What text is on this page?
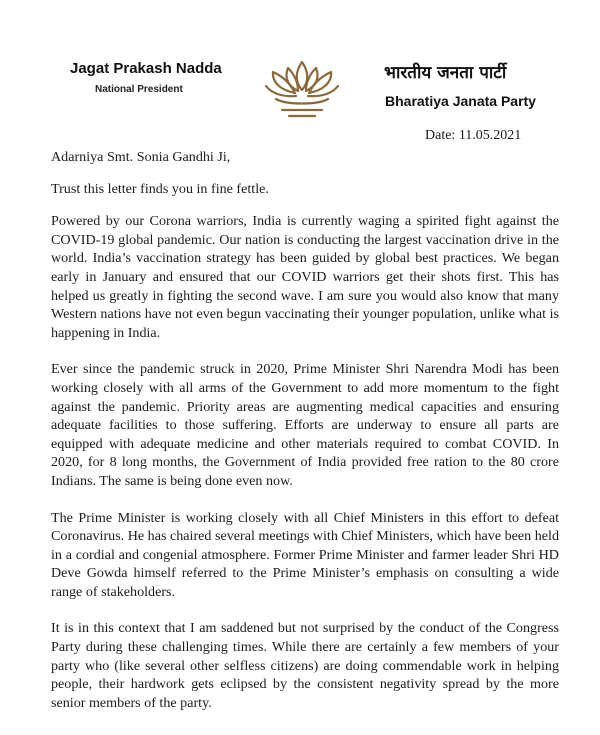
Jagat Prakash Nadda
National President
भारतीय जनता पार्टी
Bharatiya Janata Party
Date: 11.05.2021

Adarniya Smt. Sonia Gandhi Ji,

Trust this letter finds you in fine fettle.

Powered by our Corona warriors, India is currently waging a spirited fight against the COVID-19 global pandemic. Our nation is conducting the largest vaccination drive in the world. India’s vaccination strategy has been guided by global best practices. We began early in January and ensured that our COVID warriors get their shots first. This has helped us greatly in fighting the second wave. I am sure you would also know that many Western nations have not even begun vaccinating their younger population, unlike what is happening in India.

Ever since the pandemic struck in 2020, Prime Minister Shri Narendra Modi has been working closely with all arms of the Government to add more momentum to the fight against the pandemic. Priority areas are augmenting medical capacities and ensuring adequate facilities to those suffering. Efforts are underway to ensure all parts are equipped with adequate medicine and other materials required to combat COVID. In 2020, for 8 long months, the Government of India provided free ration to the 80 crore Indians. The same is being done even now.

The Prime Minister is working closely with all Chief Ministers in this effort to defeat Coronavirus. He has chaired several meetings with Chief Ministers, which have been held in a cordial and congenial atmosphere. Former Prime Minister and farmer leader Shri HD Deve Gowda himself referred to the Prime Minister’s emphasis on consulting a wide range of stakeholders.

It is in this context that I am saddened but not surprised by the conduct of the Congress Party during these challenging times. While there are certainly a few members of your party who (like several other selfless citizens) are doing commendable work in helping people, their hardwork gets eclipsed by the consistent negativity spread by the more senior members of the party.
